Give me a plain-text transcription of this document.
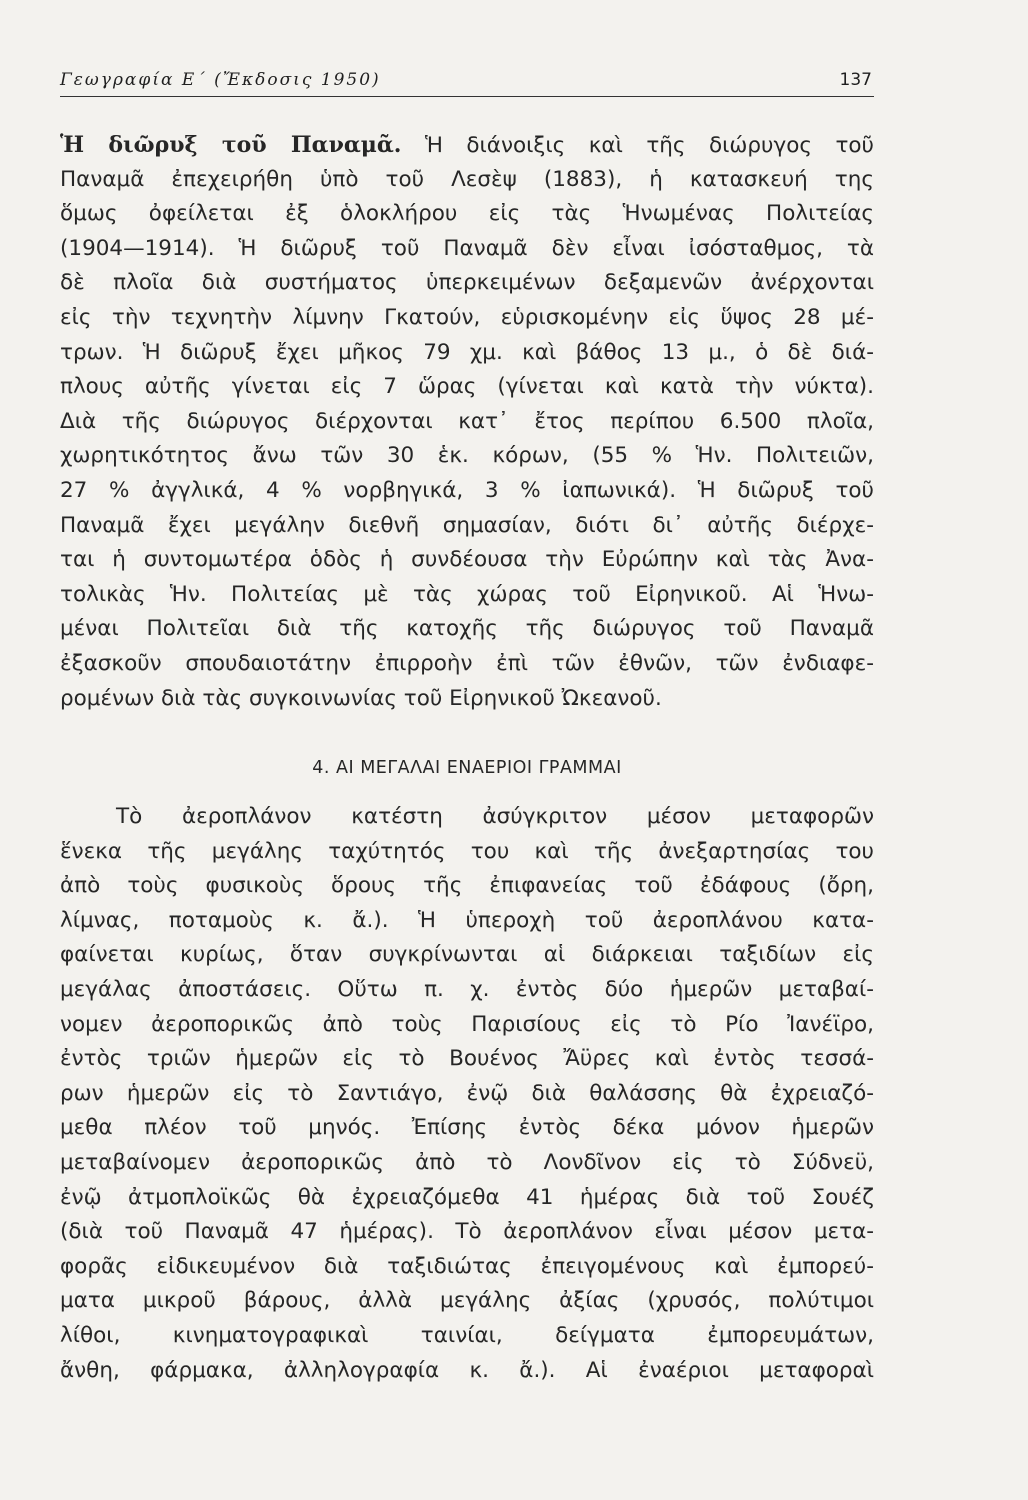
Γεωγραφία Ε΄ (Ἔκδοσις 1950)	137
Ἡ διῶρυξ τοῦ Παναμᾶ. Ἡ διάνοιξις καὶ τῆς διώρυγος τοῦ
Παναμᾶ ἐπεχειρήθη ὑπὸ τοῦ Λεσὲψ (1883), ἡ κατασκευή της
ὅμως ὀφείλεται ἐξ ὁλοκλήρου εἰς τὰς Ἡνωμένας Πολιτείας
(1904—1914). Ἡ διῶρυξ τοῦ Παναμᾶ δὲν εἶναι ἰσόσταθμος, τὰ
δὲ πλοῖα διὰ συστήματος ὑπερκειμένων δεξαμενῶν ἀνέρχονται
εἰς τὴν τεχνητὴν λίμνην Γκατούν, εὑρισκομένην εἰς ὕψος 28 μέ-
τρων. Ἡ διῶρυξ ἔχει μῆκος 79 χμ. καὶ βάθος 13 μ., ὁ δὲ διά-
πλους αὐτῆς γίνεται εἰς 7 ὥρας (γίνεται καὶ κατὰ τὴν νύκτα).
Διὰ τῆς διώρυγος διέρχονται κατ᾽ ἔτος περίπου 6.500 πλοῖα,
χωρητικότητος ἄνω τῶν 30 ἑκ. κόρων, (55 % Ἡν. Πολιτειῶν,
27 % ἀγγλικά, 4 % νορβηγικά, 3 % ἰαπωνικά). Ἡ διῶρυξ τοῦ
Παναμᾶ ἔχει μεγάλην διεθνῆ σημασίαν, διότι δι᾽ αὐτῆς διέρχε-
ται ἡ συντομωτέρα ὁδὸς ἡ συνδέουσα τὴν Εὐρώπην καὶ τὰς Ἀνα-
τολικὰς Ἡν. Πολιτείας μὲ τὰς χώρας τοῦ Εἰρηνικοῦ. Αἱ Ἡνω-
μέναι Πολιτεῖαι διὰ τῆς κατοχῆς τῆς διώρυγος τοῦ Παναμᾶ
ἐξασκοῦν σπουδαιοτάτην ἐπιρροὴν ἐπὶ τῶν ἐθνῶν, τῶν ἐνδιαφε-
ρομένων διὰ τὰς συγκοινωνίας τοῦ Εἰρηνικοῦ Ὠκεανοῦ.
4. ΑΙ ΜΕΓΑΛΑΙ ΕΝΑΕΡΙΟΙ ΓΡΑΜΜΑΙ
Τὸ ἀεροπλάνον κατέστη ἀσύγκριτον μέσον μεταφορῶν
ἕνεκα τῆς μεγάλης ταχύτητός του καὶ τῆς ἀνεξαρτησίας του
ἀπὸ τοὺς φυσικοὺς ὅρους τῆς ἐπιφανείας τοῦ ἐδάφους (ὄρη,
λίμνας, ποταμοὺς κ. ἄ.). Ἡ ὑπεροχὴ τοῦ ἀεροπλάνου κατα-
φαίνεται κυρίως, ὅταν συγκρίνωνται αἱ διάρκειαι ταξιδίων εἰς
μεγάλας ἀποστάσεις. Οὕτω π. χ. ἐντὸς δύο ἡμερῶν μεταβαί-
νομεν ἀεροπορικῶς ἀπὸ τοὺς Παρισίους εἰς τὸ Ρίο Ἰανέϊρο,
ἐντὸς τριῶν ἡμερῶν εἰς τὸ Βουένος Ἄϋρες καὶ ἐντὸς τεσσά-
ρων ἡμερῶν εἰς τὸ Σαντιάγο, ἐνῷ διὰ θαλάσσης θὰ ἐχρειαζό-
μεθα πλέον τοῦ μηνός. Ἐπίσης ἐντὸς δέκα μόνον ἡμερῶν
μεταβαίνομεν ἀεροπορικῶς ἀπὸ τὸ Λονδῖνον εἰς τὸ Σύδνεϋ,
ἐνῷ ἀτμοπλοϊκῶς θὰ ἐχρειαζόμεθα 41 ἡμέρας διὰ τοῦ Σουέζ
(διὰ τοῦ Παναμᾶ 47 ἡμέρας). Τὸ ἀεροπλάνον εἶναι μέσον μετα-
φορᾶς εἰδικευμένον διὰ ταξιδιώτας ἐπειγομένους καὶ ἐμπορεύ-
ματα μικροῦ βάρους, ἀλλὰ μεγάλης ἀξίας (χρυσός, πολύτιμοι
λίθοι, κινηματογραφικαὶ ταινίαι, δείγματα ἐμπορευμάτων,
ἄνθη, φάρμακα, ἀλληλογραφία κ. ἄ.). Αἱ ἐναέριοι μεταφοραὶ
